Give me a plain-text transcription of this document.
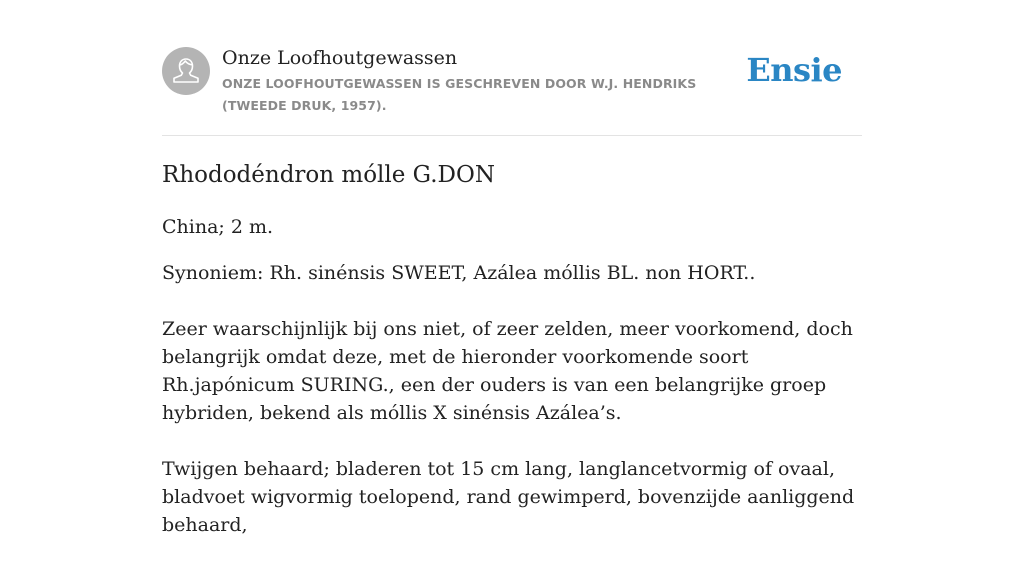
Onze Loofhoutgewassen
ONZE LOOFHOUTGEWASSEN IS GESCHREVEN DOOR W.J. HENDRIKS (TWEEDE DRUK, 1957).
Ensie
Rhododéndron mólle G.DON
China; 2 m.

Synoniem: Rh. sinénsis SWEET, Azálea móllis BL. non HORT..

Zeer waarschijnlijk bij ons niet, of zeer zelden, meer voorkomend, doch belangrijk omdat deze, met de hieronder voorkomende soort Rh.japónicum SURING., een der ouders is van een belangrijke groep hybriden, bekend als móllis X sinénsis Azálea’s.

Twijgen behaard; bladeren tot 15 cm lang, langlancetvormig of ovaal, bladvoet wigvormig toelopend, rand gewimperd, bovenzijde aanliggend behaard,
